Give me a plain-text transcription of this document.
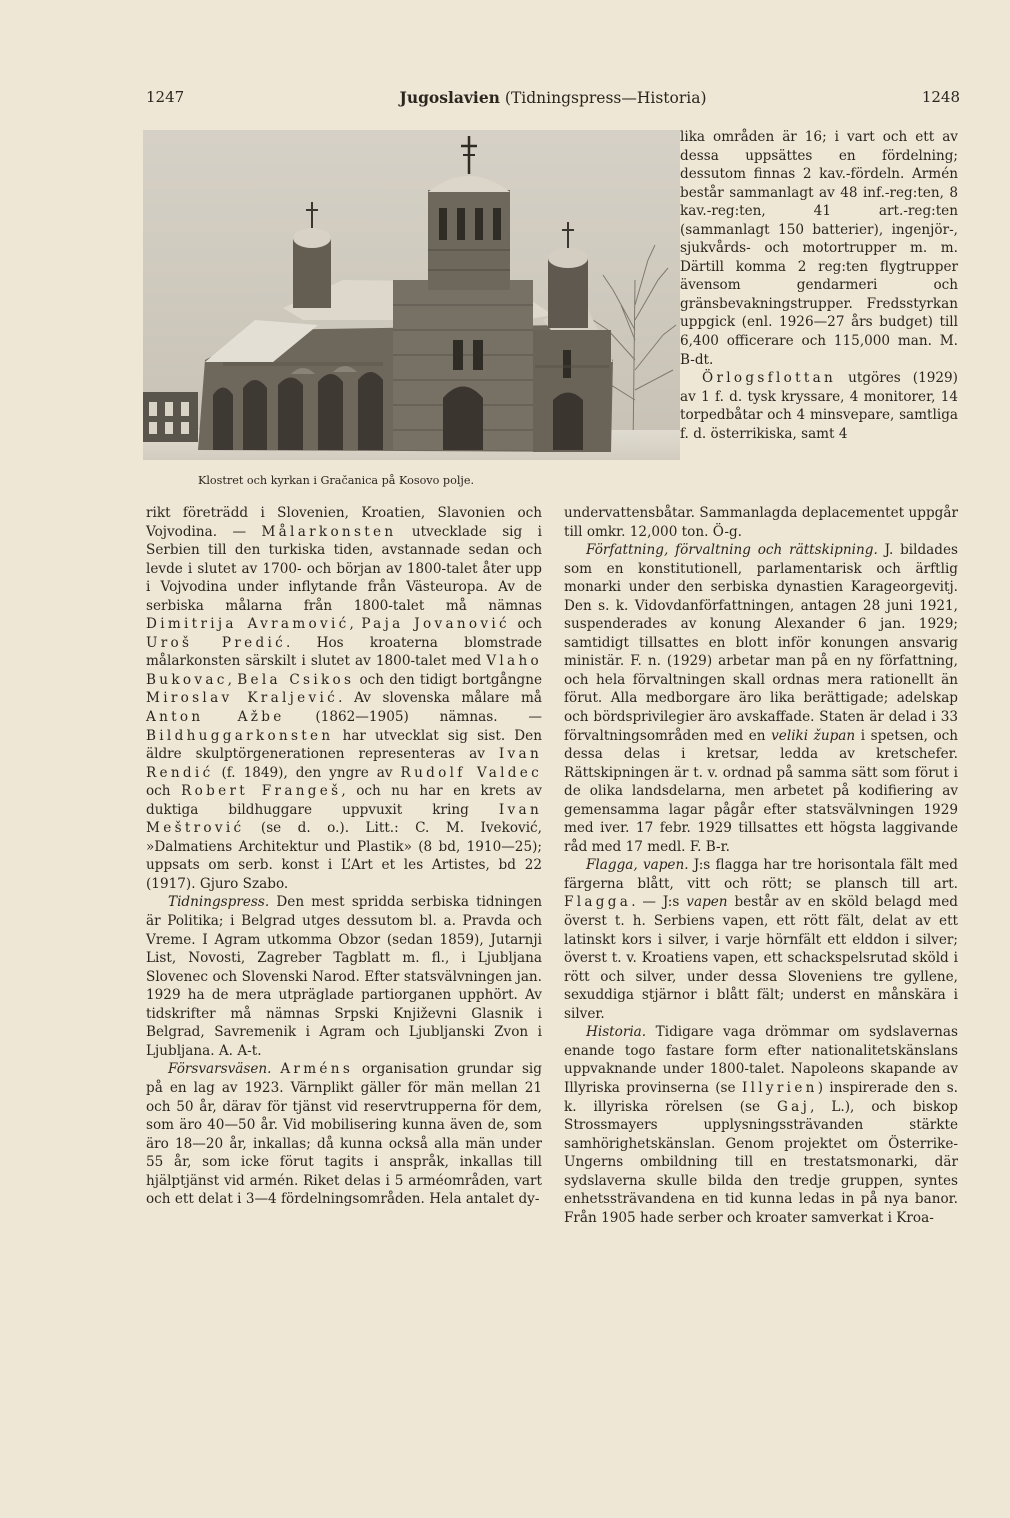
1247	Jugoslavien (Tidningspress—Historia)	1248
Klostret och kyrkan i Gračanica på Kosovo polje.

lika områden är 16; i vart och ett av dessa uppsättes en fördelning; dessutom finnas 2 kav.-fördeln. Armén består sammanlagt av 48 inf.-reg:ten, 8 kav.-reg:ten, 41 art.-reg:ten (sammanlagt 150 batterier), ingenjör-, sjukvårds- och motortrupper m. m. Därtill komma 2 reg:ten flygtrupper ävensom gendarmeri och gränsbevakningstrupper. Fredsstyrkan uppgick (enl. 1926—27 års budget) till 6,400 officerare och 115,000 man. M. B-dt.

Örlogsflottan utgöres (1929) av 1 f. d. tysk kryssare, 4 monitorer, 14 torpedbåtar och 4 minsvepare, samtliga f. d. österrikiska, samt 4

rikt företrädd i Slovenien, Kroatien, Slavonien och Vojvodina. — Målarkonsten utvecklade sig i Serbien till den turkiska tiden, avstannade sedan och levde i slutet av 1700- och början av 1800-talet åter upp i Vojvodina under inflytande från Västeuropa. Av de serbiska målarna från 1800-talet må nämnas Dimitrija Avramović, Paja Jovanović och Uroš Predić. Hos kroaterna blomstrade målarkonsten särskilt i slutet av 1800-talet med Vlaho Bukovac, Bela Csikos och den tidigt bortgångne Miroslav Kraljević. Av slovenska målare må Anton Ažbe (1862—1905) nämnas. — Bildhuggarkonsten har utvecklat sig sist. Den äldre skulptörgenerationen representeras av Ivan Rendić (f. 1849), den yngre av Rudolf Valdec och Robert Frangeš, och nu har en krets av duktiga bildhuggare uppvuxit kring Ivan Meštrović (se d. o.). Litt.: C. M. Iveković, »Dalmatiens Architektur und Plastik» (8 bd, 1910—25); uppsats om serb. konst i L’Art et les Artistes, bd 22 (1917). Gjuro Szabo.

Tidningspress. Den mest spridda serbiska tidningen är Politika; i Belgrad utges dessutom bl. a. Pravda och Vreme. I Agram utkomma Obzor (sedan 1859), Jutarnji List, Novosti, Zagreber Tagblatt m. fl., i Ljubljana Slovenec och Slovenski Narod. Efter statsvälvningen jan. 1929 ha de mera utpräglade partiorganen upphört. Av tidskrifter må nämnas Srpski Književni Glasnik i Belgrad, Savremenik i Agram och Ljubljanski Zvon i Ljubljana. A. A-t.

Försvarsväsen. Arméns organisation grundar sig på en lag av 1923. Värnplikt gäller för män mellan 21 och 50 år, därav för tjänst vid reservtrupperna för dem, som äro 40—50 år. Vid mobilisering kunna även de, som äro 18—20 år, inkallas; då kunna också alla män under 55 år, som icke förut tagits i anspråk, inkallas till hjälptjänst vid armén. Riket delas i 5 arméområden, vart och ett delat i 3—4 fördelningsområden. Hela antalet dy-

undervattensbåtar. Sammanlagda deplacementet uppgår till omkr. 12,000 ton. Ö-g.

Författning, förvaltning och rättskipning. J. bildades som en konstitutionell, parlamentarisk och ärftlig monarki under den serbiska dynastien Karageorgevitj. Den s. k. Vidovdanförfattningen, antagen 28 juni 1921, suspenderades av konung Alexander 6 jan. 1929; samtidigt tillsattes en blott inför konungen ansvarig ministär. F. n. (1929) arbetar man på en ny författning, och hela förvaltningen skall ordnas mera rationellt än förut. Alla medborgare äro lika berättigade; adelskap och bördsprivilegier äro avskaffade. Staten är delad i 33 förvaltningsområden med en veliki župan i spetsen, och dessa delas i kretsar, ledda av kretschefer. Rättskipningen är t. v. ordnad på samma sätt som förut i de olika landsdelarna, men arbetet på kodifiering av gemensamma lagar pågår efter statsvälvningen 1929 med iver. 17 febr. 1929 tillsattes ett högsta laggivande råd med 17 medl. F. B-r.

Flagga, vapen. J:s flagga har tre horisontala fält med färgerna blått, vitt och rött; se plansch till art. Flagga. — J:s vapen består av en sköld belagd med överst t. h. Serbiens vapen, ett rött fält, delat av ett latinskt kors i silver, i varje hörnfält ett elddon i silver; överst t. v. Kroatiens vapen, ett schackspelsrutad sköld i rött och silver, under dessa Sloveniens tre gyllene, sexuddiga stjärnor i blått fält; underst en månskära i silver.

Historia. Tidigare vaga drömmar om sydslavernas enande togo fastare form efter nationalitetskänslans uppvaknande under 1800-talet. Napoleons skapande av Illyriska provinserna (se Illyrien) inspirerade den s. k. illyriska rörelsen (se Gaj, L.), och biskop Strossmayers upplysningssträvanden stärkte samhörighetskänslan. Genom projektet om Österrike-Ungerns ombildning till en trestatsmonarki, där sydslaverna skulle bilda den tredje gruppen, syntes enhetssträvandena en tid kunna ledas in på nya banor. Från 1905 hade serber och kroater samverkat i Kroa-
